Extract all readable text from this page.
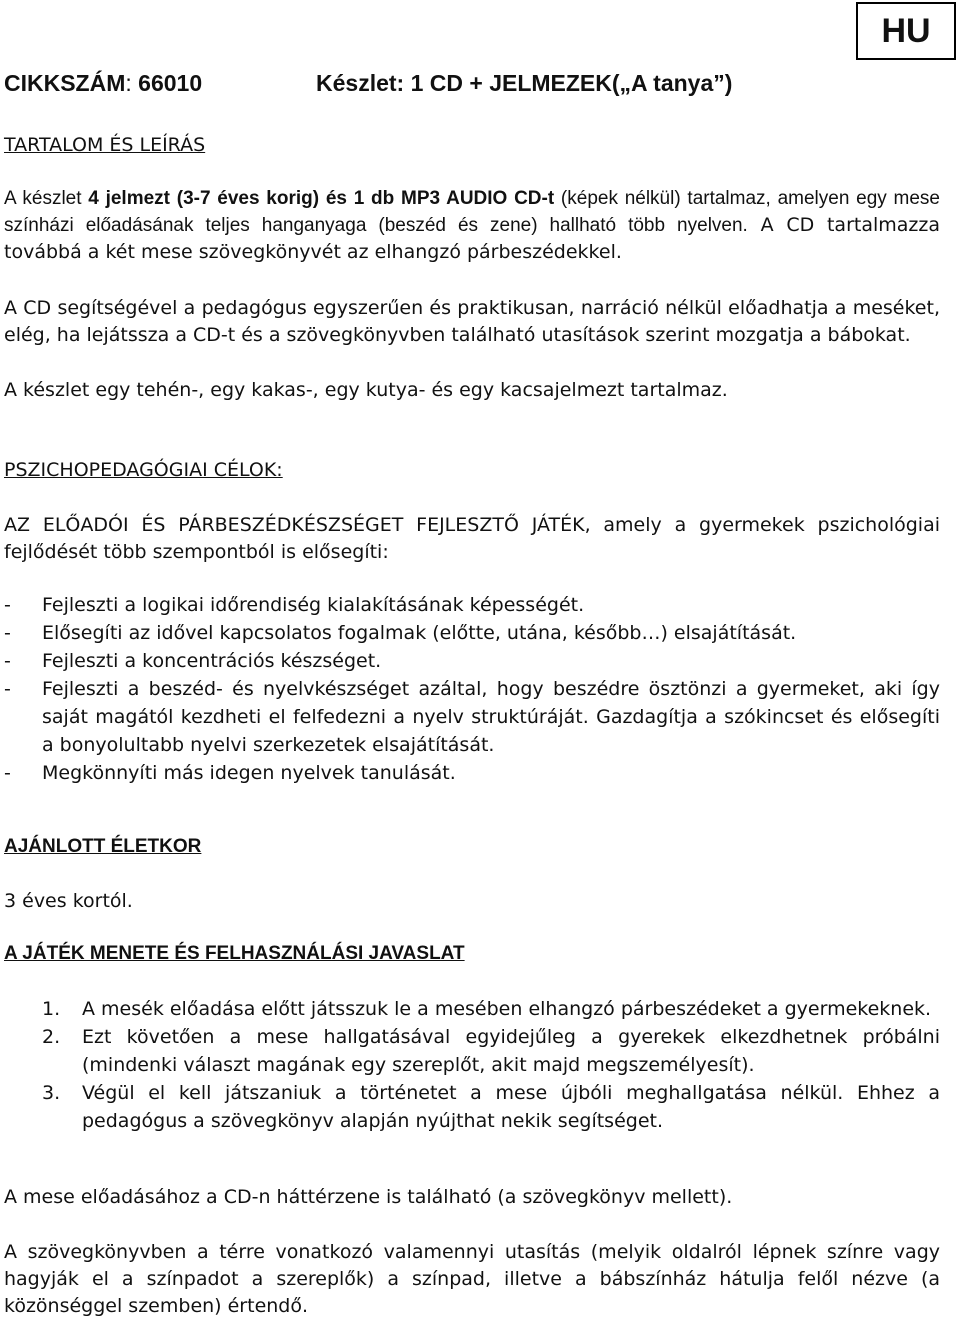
HU
CIKKSZÁM: 66010	Készlet: 1 CD + JELMEZEK(„A tanya”)
TARTALOM ÉS LEÍRÁS
A készlet 4 jelmezt (3-7 éves korig) és 1 db MP3 AUDIO CD-t (képek nélkül) tartalmaz, amelyen egy mese színházi előadásának teljes hanganyaga (beszéd és zene) hallható több nyelven. A CD tartalmazza továbbá a két mese szövegkönyvét az elhangzó párbeszédekkel.
A CD segítségével a pedagógus egyszerűen és praktikusan, narráció nélkül előadhatja a meséket, elég, ha lejátssza a CD-t és a szövegkönyvben található utasítások szerint mozgatja a bábokat.
A készlet egy tehén-, egy kakas-, egy kutya- és egy kacsajelmezt tartalmaz.
PSZICHOPEDAGÓGIAI CÉLOK:
AZ ELŐADÓI ÉS PÁRBESZÉDKÉSZSÉGET FEJLESZTŐ JÁTÉK, amely a gyermekek pszichológiai fejlődését több szempontból is elősegíti:
- Fejleszti a logikai időrendiség kialakításának képességét.
- Elősegíti az idővel kapcsolatos fogalmak (előtte, utána, később…) elsajátítását.
- Fejleszti a koncentrációs készséget.
- Fejleszti a beszéd- és nyelvkészséget azáltal, hogy beszédre ösztönzi a gyermeket, aki így saját magától kezdheti el felfedezni a nyelv struktúráját. Gazdagítja a szókincset és elősegíti a bonyolultabb nyelvi szerkezetek elsajátítását.
- Megkönnyíti más idegen nyelvek tanulását.
AJÁNLOTT ÉLETKOR
3 éves kortól.
A JÁTÉK MENETE ÉS FELHASZNÁLÁSI JAVASLAT
1. A mesék előadása előtt játsszuk le a mesében elhangzó párbeszédeket a gyermekeknek.
2. Ezt követően a mese hallgatásával egyidejűleg a gyerekek elkezdhetnek próbálni (mindenki választ magának egy szereplőt, akit majd megszemélyesít).
3. Végül el kell játszaniuk a történetet a mese újbóli meghallgatása nélkül. Ehhez a pedagógus a szövegkönyv alapján nyújthat nekik segítséget.
A mese előadásához a CD-n háttérzene is található (a szövegkönyv mellett).
A szövegkönyvben a térre vonatkozó valamennyi utasítás (melyik oldalról lépnek színre vagy hagyják el a színpadot a szereplők) a színpad, illetve a bábszínház hátulja felől nézve (a közönséggel szemben) értendő.
